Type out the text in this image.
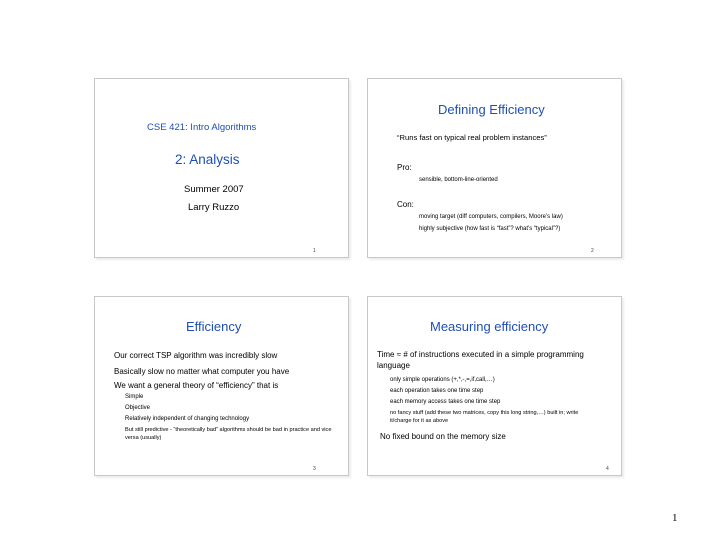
CSE 421: Intro Algorithms
2: Analysis
Summer 2007
Larry Ruzzo
1
Defining Efficiency
“Runs fast on typical real problem instances”
Pro:
sensible, bottom-line-oriented
Con:
moving target (diff computers, compilers, Moore’s law)
highly subjective (how fast is “fast”? what’s “typical”?)
2
Efficiency
Our correct TSP algorithm was incredibly slow
Basically slow no matter what computer you have
We want a general theory of “efficiency” that is
Simple
Objective
Relatively independent of changing technology
But still predictive - “theoretically bad” algorithms should be bad in practice and vice versa (usually)
3
Measuring efficiency
Time ≈ # of instructions executed in a simple programming language
only simple operations (+,*,-,=,if,call,…)
each operation takes one time step
each memory access takes one time step
no fancy stuff (add these two matrices, copy this long string,…) built in; write it/charge for it as above
No fixed bound on the memory size
4
1
